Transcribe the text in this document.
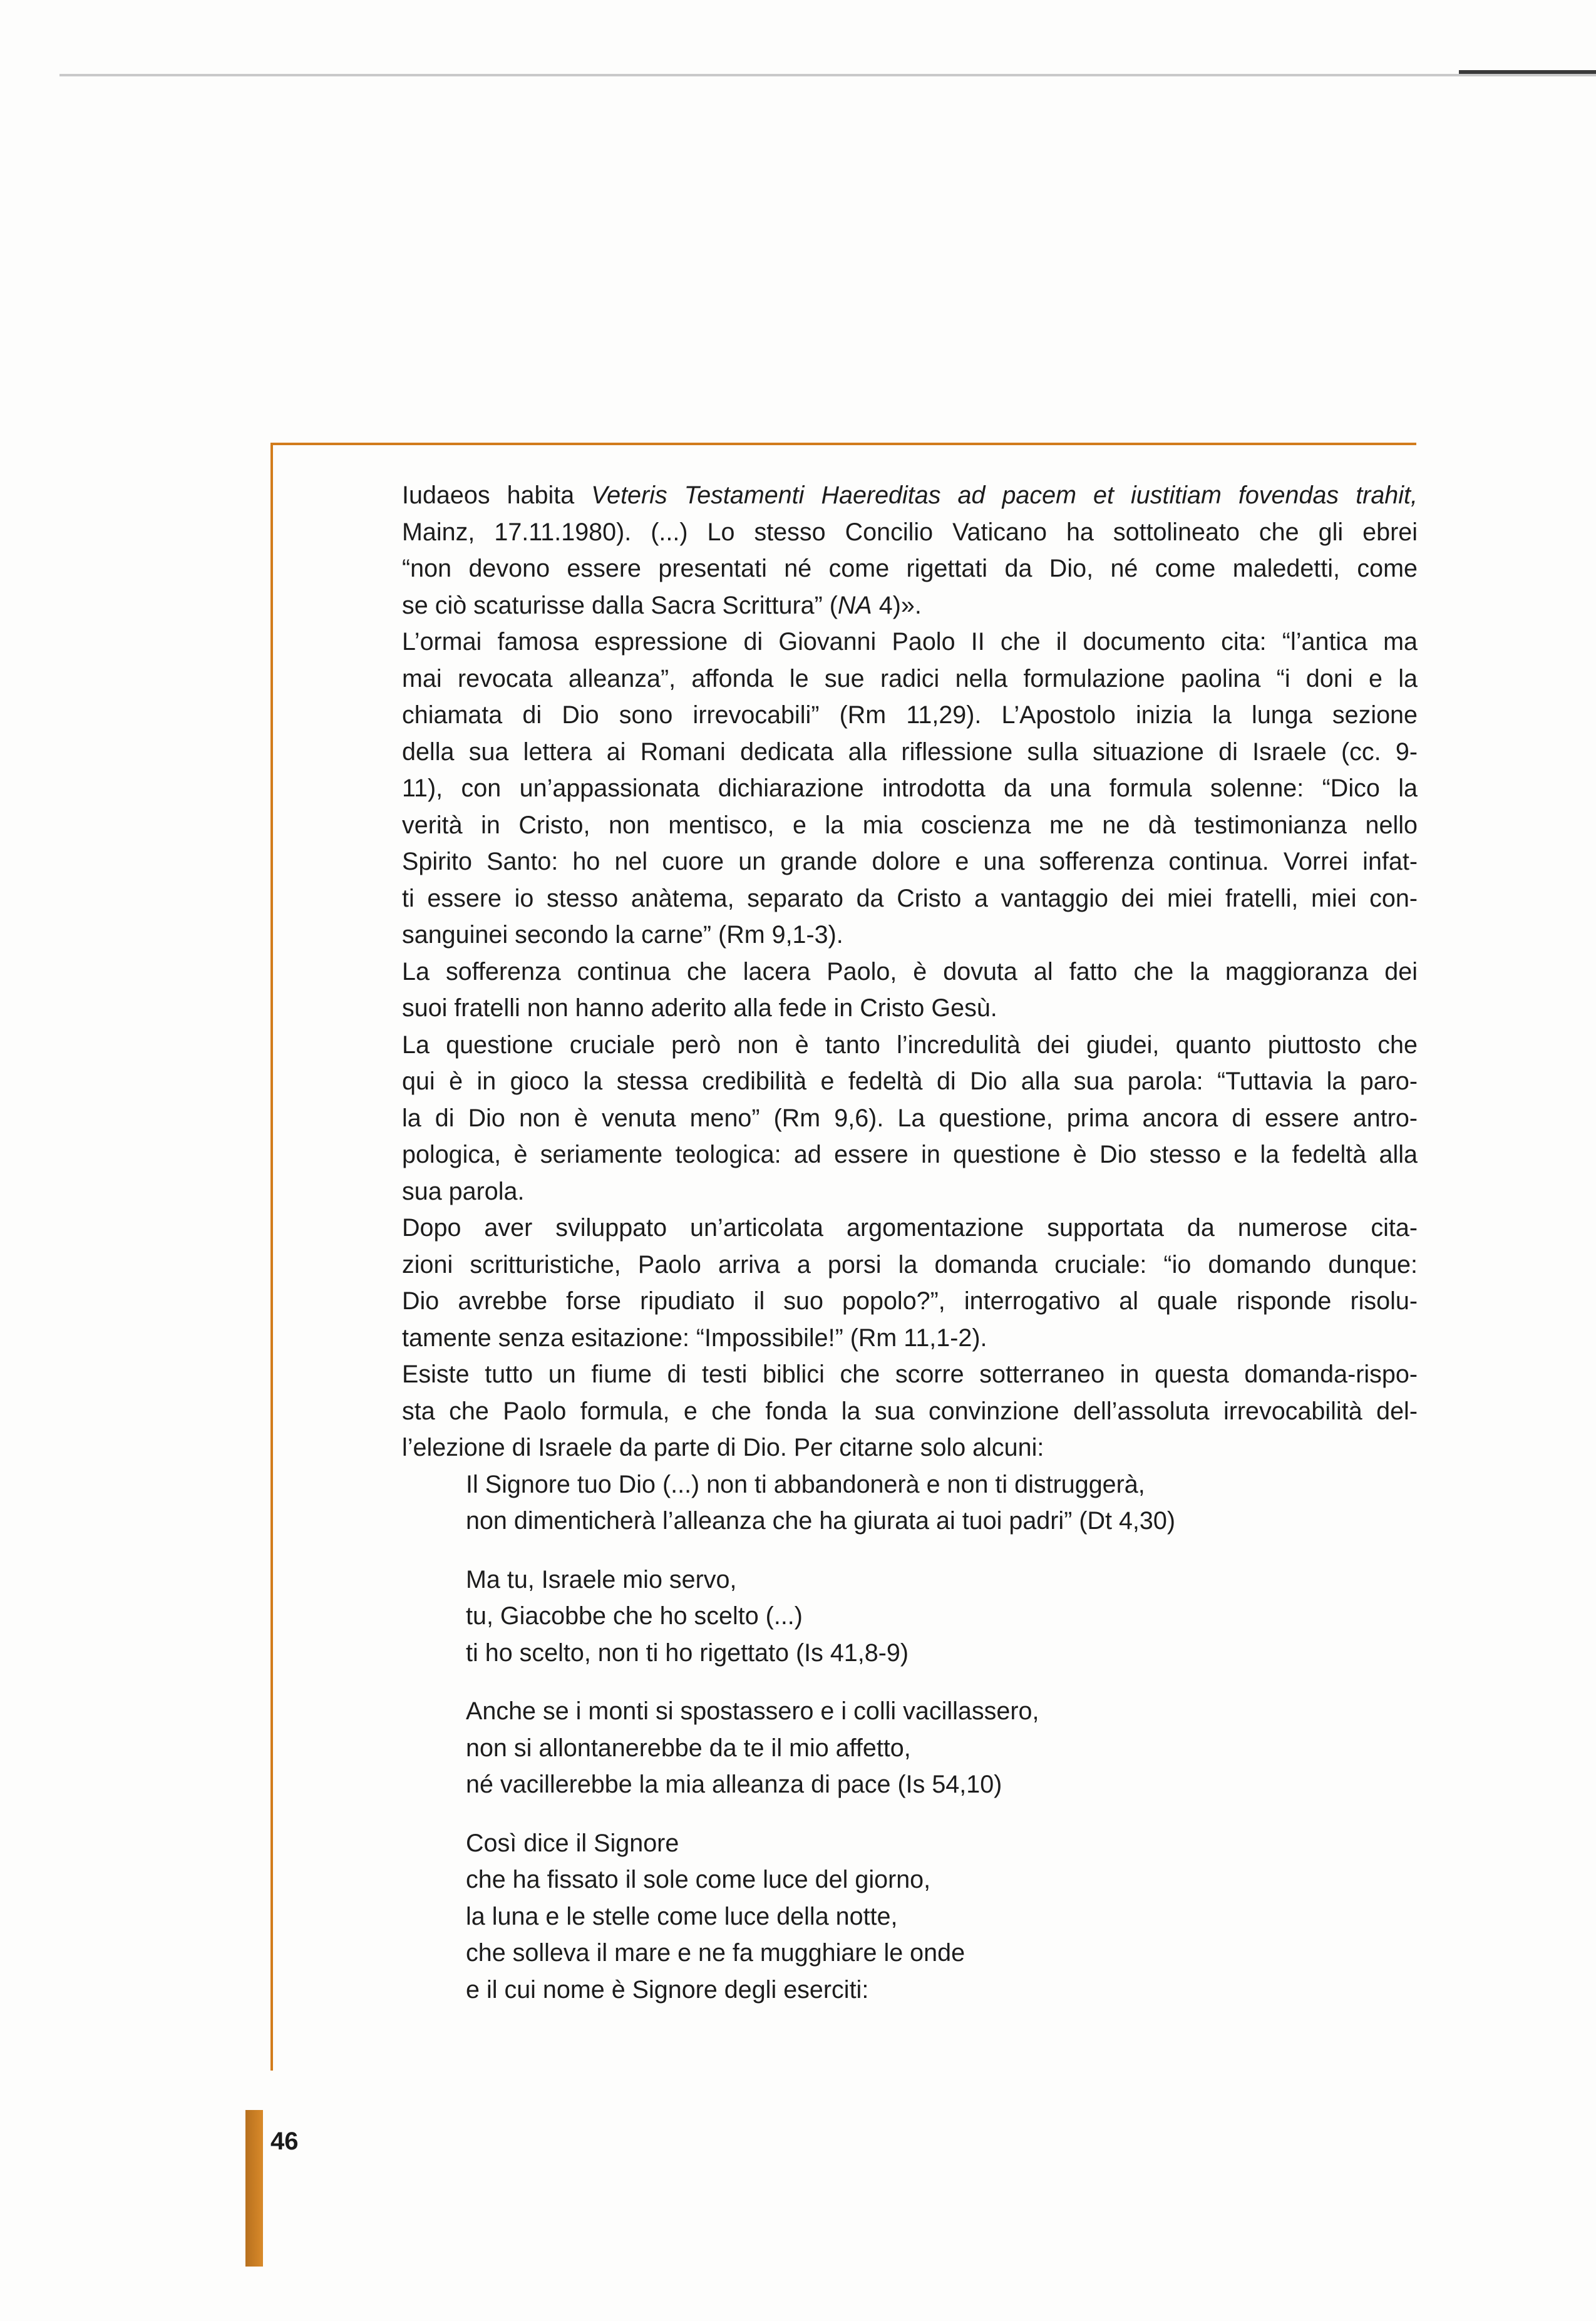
Iudaeos habita Veteris Testamenti Haereditas ad pacem et iustitiam fovendas trahit,
Mainz, 17.11.1980). (...) Lo stesso Concilio Vaticano ha sottolineato che gli ebrei
“non devono essere presentati né come rigettati da Dio, né come maledetti, come
se ciò scaturisse dalla Sacra Scrittura” (NA 4)».
L’ormai famosa espressione di Giovanni Paolo II che il documento cita: “l’antica ma
mai revocata alleanza”, affonda le sue radici nella formulazione paolina “i doni e la
chiamata di Dio sono irrevocabili” (Rm 11,29). L’Apostolo inizia la lunga sezione
della sua lettera ai Romani dedicata alla riflessione sulla situazione di Israele (cc. 9-
11), con un’appassionata dichiarazione introdotta da una formula solenne: “Dico la
verità in Cristo, non mentisco, e la mia coscienza me ne dà testimonianza nello
Spirito Santo: ho nel cuore un grande dolore e una sofferenza continua. Vorrei infat-
ti essere io stesso anàtema, separato da Cristo a vantaggio dei miei fratelli, miei con-
sanguinei secondo la carne” (Rm 9,1-3).
La sofferenza continua che lacera Paolo, è dovuta al fatto che la maggioranza dei
suoi fratelli non hanno aderito alla fede in Cristo Gesù.
La questione cruciale però non è tanto l’incredulità dei giudei, quanto piuttosto che
qui è in gioco la stessa credibilità e fedeltà di Dio alla sua parola: “Tuttavia la paro-
la di Dio non è venuta meno” (Rm 9,6). La questione, prima ancora di essere antro-
pologica, è seriamente teologica: ad essere in questione è Dio stesso e la fedeltà alla
sua parola.
Dopo aver sviluppato un’articolata argomentazione supportata da numerose cita-
zioni scritturistiche, Paolo arriva a porsi la domanda cruciale: “io domando dunque:
Dio avrebbe forse ripudiato il suo popolo?”, interrogativo al quale risponde risolu-
tamente senza esitazione: “Impossibile!” (Rm 11,1-2).
Esiste tutto un fiume di testi biblici che scorre sotterraneo in questa domanda-rispo-
sta che Paolo formula, e che fonda la sua convinzione dell’assoluta irrevocabilità del-
l’elezione di Israele da parte di Dio. Per citarne solo alcuni:
Il Signore tuo Dio (...) non ti abbandonerà e non ti distruggerà,
non dimenticherà l’alleanza che ha giurata ai tuoi padri” (Dt 4,30)
Ma tu, Israele mio servo,
tu, Giacobbe che ho scelto (...)
ti ho scelto, non ti ho rigettato (Is 41,8-9)
Anche se i monti si spostassero e i colli vacillassero,
non si allontanerebbe da te il mio affetto,
né vacillerebbe la mia alleanza di pace (Is 54,10)
Così dice il Signore
che ha fissato il sole come luce del giorno,
la luna e le stelle come luce della notte,
che solleva il mare e ne fa mugghiare le onde
e il cui nome è Signore degli eserciti:
46
